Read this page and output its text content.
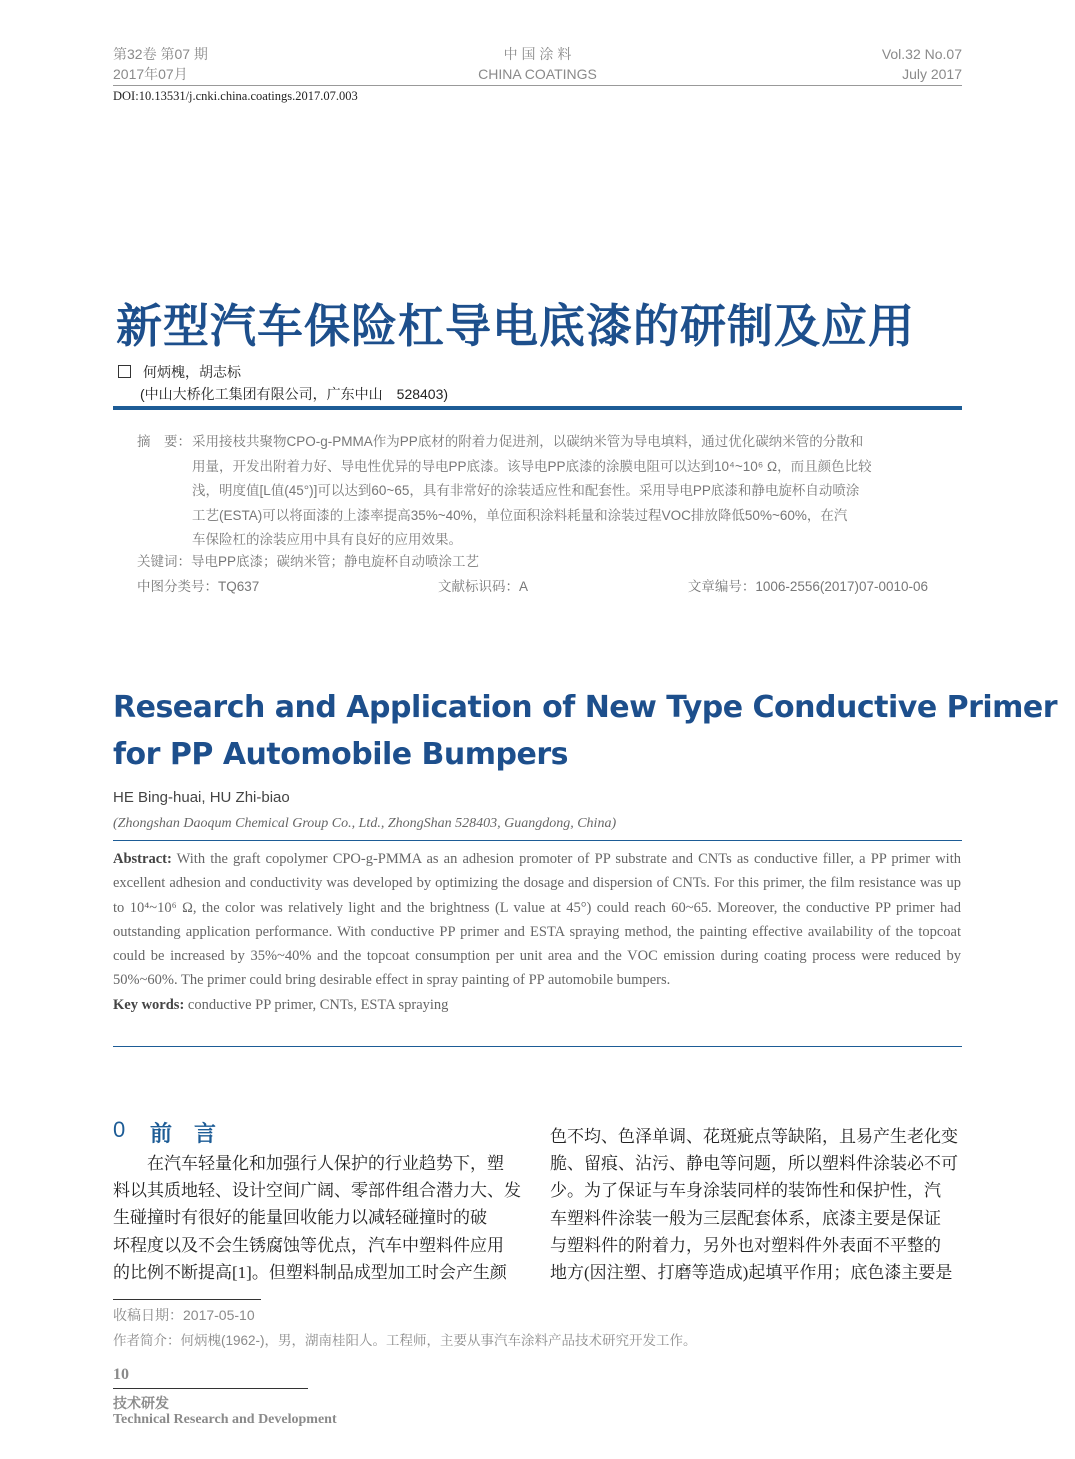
第32卷 第07 期
2017年07月
中 国 涂 料
CHINA COATINGS
Vol.32 No.07
July 2017
DOI:10.13531/j.cnki.china.coatings.2017.07.003
新型汽车保险杠导电底漆的研制及应用
何炳槐，胡志标
(中山大桥化工集团有限公司，广东中山　528403)
摘　要： 采用接枝共聚物CPO-g-PMMA作为PP底材的附着力促进剂，以碳纳米管为导电填料，通过优化碳纳米管的分散和
用量，开发出附着力好、导电性优异的导电PP底漆。该导电PP底漆的涂膜电阻可以达到10⁴~10⁶ Ω，而且颜色比较
浅，明度值[L值(45°)]可以达到60~65，具有非常好的涂装适应性和配套性。采用导电PP底漆和静电旋杯自动喷涂
工艺(ESTA)可以将面漆的上漆率提高35%~40%，单位面积涂料耗量和涂装过程VOC排放降低50%~60%，在汽
车保险杠的涂装应用中具有良好的应用效果。
关键词：导电PP底漆；碳纳米管；静电旋杯自动喷涂工艺
中图分类号：TQ637	文献标识码：A	文章编号：1006-2556(2017)07-0010-06
Research and Application of New Type Conductive Primer
for PP Automobile Bumpers
HE Bing-huai, HU Zhi-biao
(Zhongshan Daoqum Chemical Group Co., Ltd., ZhongShan 528403, Guangdong, China)
Abstract: With the graft copolymer CPO-g-PMMA as an adhesion promoter of PP substrate and CNTs as conductive filler, a PP primer with excellent adhesion and conductivity was developed by optimizing the dosage and dispersion of CNTs. For this primer, the film resistance was up to 10⁴~10⁶ Ω, the color was relatively light and the brightness (L value at 45°) could reach 60~65. Moreover, the conductive PP primer had outstanding application performance. With conductive PP primer and ESTA spraying method, the painting effective availability of the topcoat could be increased by 35%~40% and the topcoat consumption per unit area and the VOC emission during coating process were reduced by 50%~60%. The primer could bring desirable effect in spray painting of PP automobile bumpers.
Key words: conductive PP primer, CNTs, ESTA spraying
0 前　言
　　在汽车轻量化和加强行人保护的行业趋势下，塑
料以其质地轻、设计空间广阔、零部件组合潜力大、发
生碰撞时有很好的能量回收能力以减轻碰撞时的破
坏程度以及不会生锈腐蚀等优点，汽车中塑料件应用
的比例不断提高[1]。但塑料制品成型加工时会产生颜
色不均、色泽单调、花斑疵点等缺陷，且易产生老化变
脆、留痕、沾污、静电等问题，所以塑料件涂装必不可
少。为了保证与车身涂装同样的装饰性和保护性，汽
车塑料件涂装一般为三层配套体系，底漆主要是保证
与塑料件的附着力，另外也对塑料件外表面不平整的
地方(因注塑、打磨等造成)起填平作用；底色漆主要是
收稿日期：2017-05-10
作者简介：何炳槐(1962-)，男，湖南桂阳人。工程师，主要从事汽车涂料产品技术研究开发工作。
10
技术研发
Technical Research and Development
